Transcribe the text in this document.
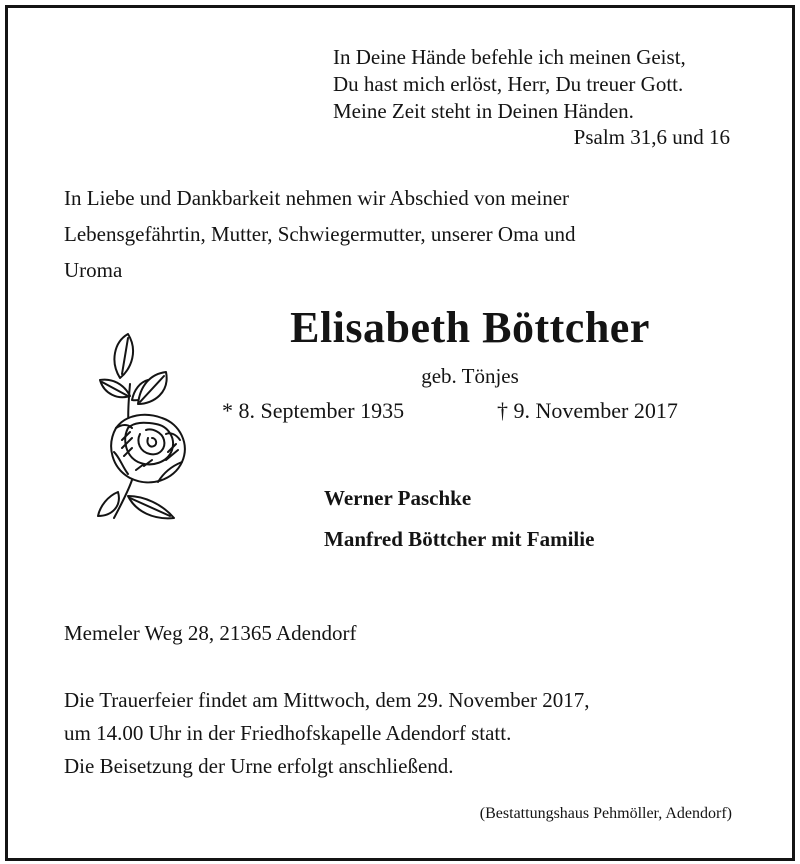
In Deine Hände befehle ich meinen Geist,
Du hast mich erlöst, Herr, Du treuer Gott.
Meine Zeit steht in Deinen Händen.
Psalm 31,6 und 16
In Liebe und Dankbarkeit nehmen wir Abschied von meiner
Lebensgefährtin, Mutter, Schwiegermutter, unserer Oma und
Uroma
Elisabeth Böttcher
geb. Tönjes
* 8. September 1935	† 9. November 2017
Werner Paschke
Manfred Böttcher mit Familie
Memeler Weg 28, 21365 Adendorf
Die Trauerfeier findet am Mittwoch, dem 29. November 2017,
um 14.00 Uhr in der Friedhofskapelle Adendorf statt.
Die Beisetzung der Urne erfolgt anschließend.
(Bestattungshaus Pehmöller, Adendorf)
